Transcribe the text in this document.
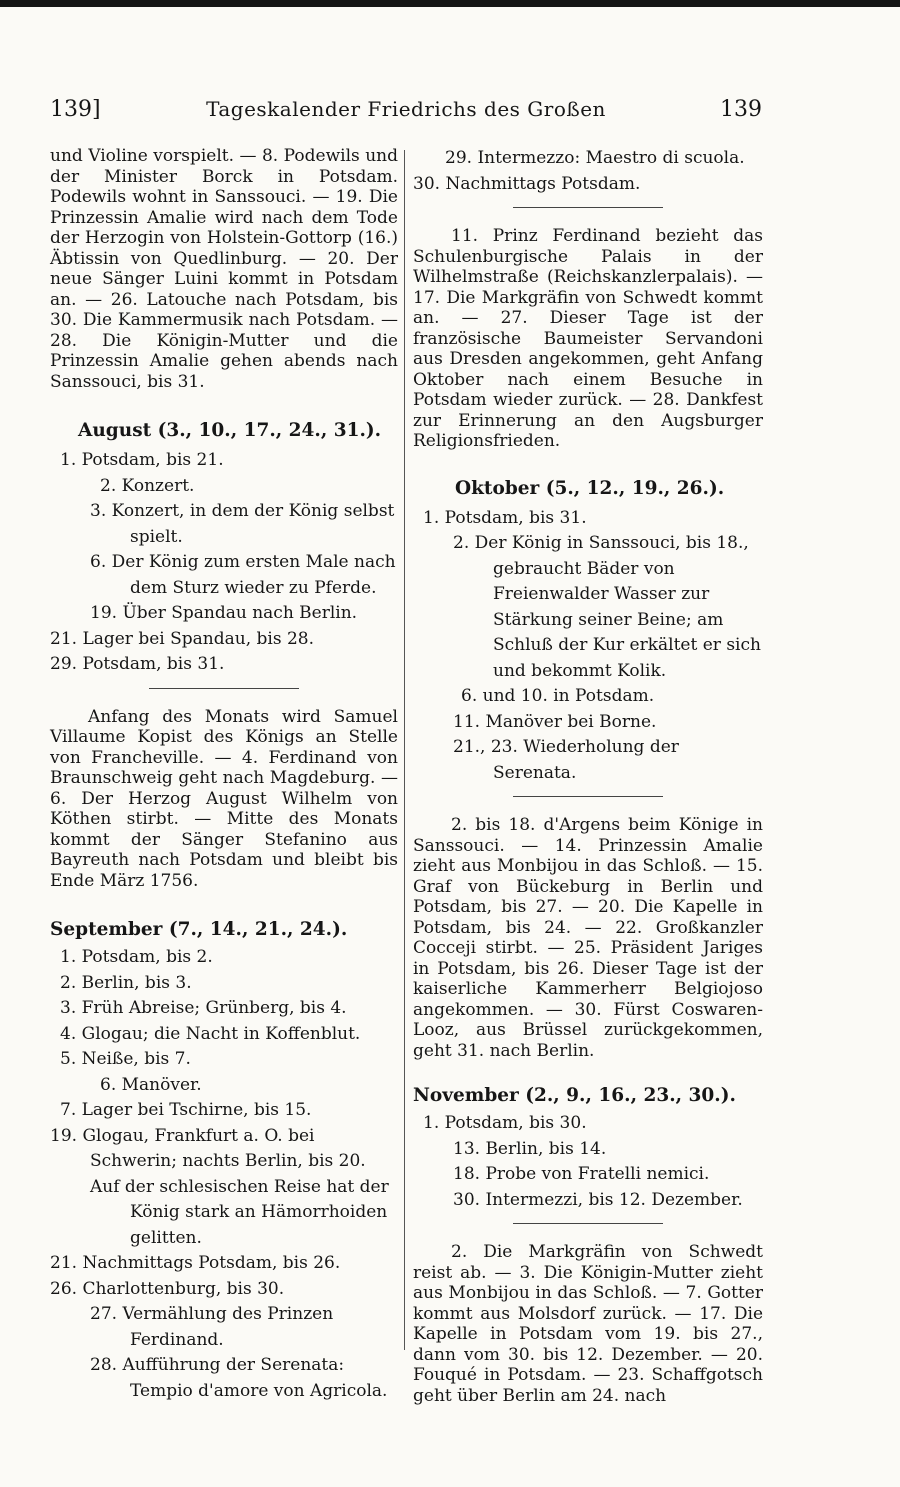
139]	Tageskalender Friedrichs des Großen	139

und Violine vorspielt. — 8. Podewils und der Minister Borck in Potsdam. Podewils wohnt in Sanssouci. — 19. Die Prinzessin Amalie wird nach dem Tode der Herzogin von Holstein-Gottorp (16.) Äbtissin von Quedlinburg. — 20. Der neue Sänger Luini kommt in Potsdam an. — 26. Latouche nach Potsdam, bis 30. Die Kammermusik nach Potsdam. — 28. Die Königin-Mutter und die Prinzessin Amalie gehen abends nach Sanssouci, bis 31.

August (3., 10., 17., 24., 31.).

1. Potsdam, bis 21.
2. Konzert.
3. Konzert, in dem der König selbst spielt.
6. Der König zum ersten Male nach dem Sturz wieder zu Pferde.
19. Über Spandau nach Berlin.
21. Lager bei Spandau, bis 28.
29. Potsdam, bis 31.

Anfang des Monats wird Samuel Villaume Kopist des Königs an Stelle von Francheville. — 4. Ferdinand von Braunschweig geht nach Magdeburg. — 6. Der Herzog August Wilhelm von Köthen stirbt. — Mitte des Monats kommt der Sänger Stefanino aus Bayreuth nach Potsdam und bleibt bis Ende März 1756.

September (7., 14., 21., 24.).

1. Potsdam, bis 2.
2. Berlin, bis 3.
3. Früh Abreise; Grünberg, bis 4.
4. Glogau; die Nacht in Koffenblut.
5. Neiße, bis 7.
6. Manöver.
7. Lager bei Tschirne, bis 15.
19. Glogau, Frankfurt a. O. bei Schwerin; nachts Berlin, bis 20.
Auf der schlesischen Reise hat der König stark an Hämorrhoiden gelitten.
21. Nachmittags Potsdam, bis 26.
26. Charlottenburg, bis 30.
27. Vermählung des Prinzen Ferdinand.
28. Aufführung der Serenata: Tempio d'amore von Agricola.
29. Intermezzo: Maestro di scuola.
30. Nachmittags Potsdam.

11. Prinz Ferdinand bezieht das Schulenburgische Palais in der Wilhelmstraße (Reichskanzlerpalais). — 17. Die Markgräfin von Schwedt kommt an. — 27. Dieser Tage ist der französische Baumeister Servandoni aus Dresden angekommen, geht Anfang Oktober nach einem Besuche in Potsdam wieder zurück. — 28. Dankfest zur Erinnerung an den Augsburger Religionsfrieden.

Oktober (5., 12., 19., 26.).

1. Potsdam, bis 31.
2. Der König in Sanssouci, bis 18., gebraucht Bäder von Freienwalder Wasser zur Stärkung seiner Beine; am Schluß der Kur erkältet er sich und bekommt Kolik.
6. und 10. in Potsdam.
11. Manöver bei Borne.
21., 23. Wiederholung der Serenata.

2. bis 18. d'Argens beim Könige in Sanssouci. — 14. Prinzessin Amalie zieht aus Monbijou in das Schloß. — 15. Graf von Bückeburg in Berlin und Potsdam, bis 27. — 20. Die Kapelle in Potsdam, bis 24. — 22. Großkanzler Cocceji stirbt. — 25. Präsident Jariges in Potsdam, bis 26. Dieser Tage ist der kaiserliche Kammerherr Belgiojoso angekommen. — 30. Fürst Coswaren-Looz, aus Brüssel zurückgekommen, geht 31. nach Berlin.

November (2., 9., 16., 23., 30.).

1. Potsdam, bis 30.
13. Berlin, bis 14.
18. Probe von Fratelli nemici.
30. Intermezzi, bis 12. Dezember.

2. Die Markgräfin von Schwedt reist ab. — 3. Die Königin-Mutter zieht aus Monbijou in das Schloß. — 7. Gotter kommt aus Molsdorf zurück. — 17. Die Kapelle in Potsdam vom 19. bis 27., dann vom 30. bis 12. Dezember. — 20. Fouqué in Potsdam. — 23. Schaffgotsch geht über Berlin am 24. nach
